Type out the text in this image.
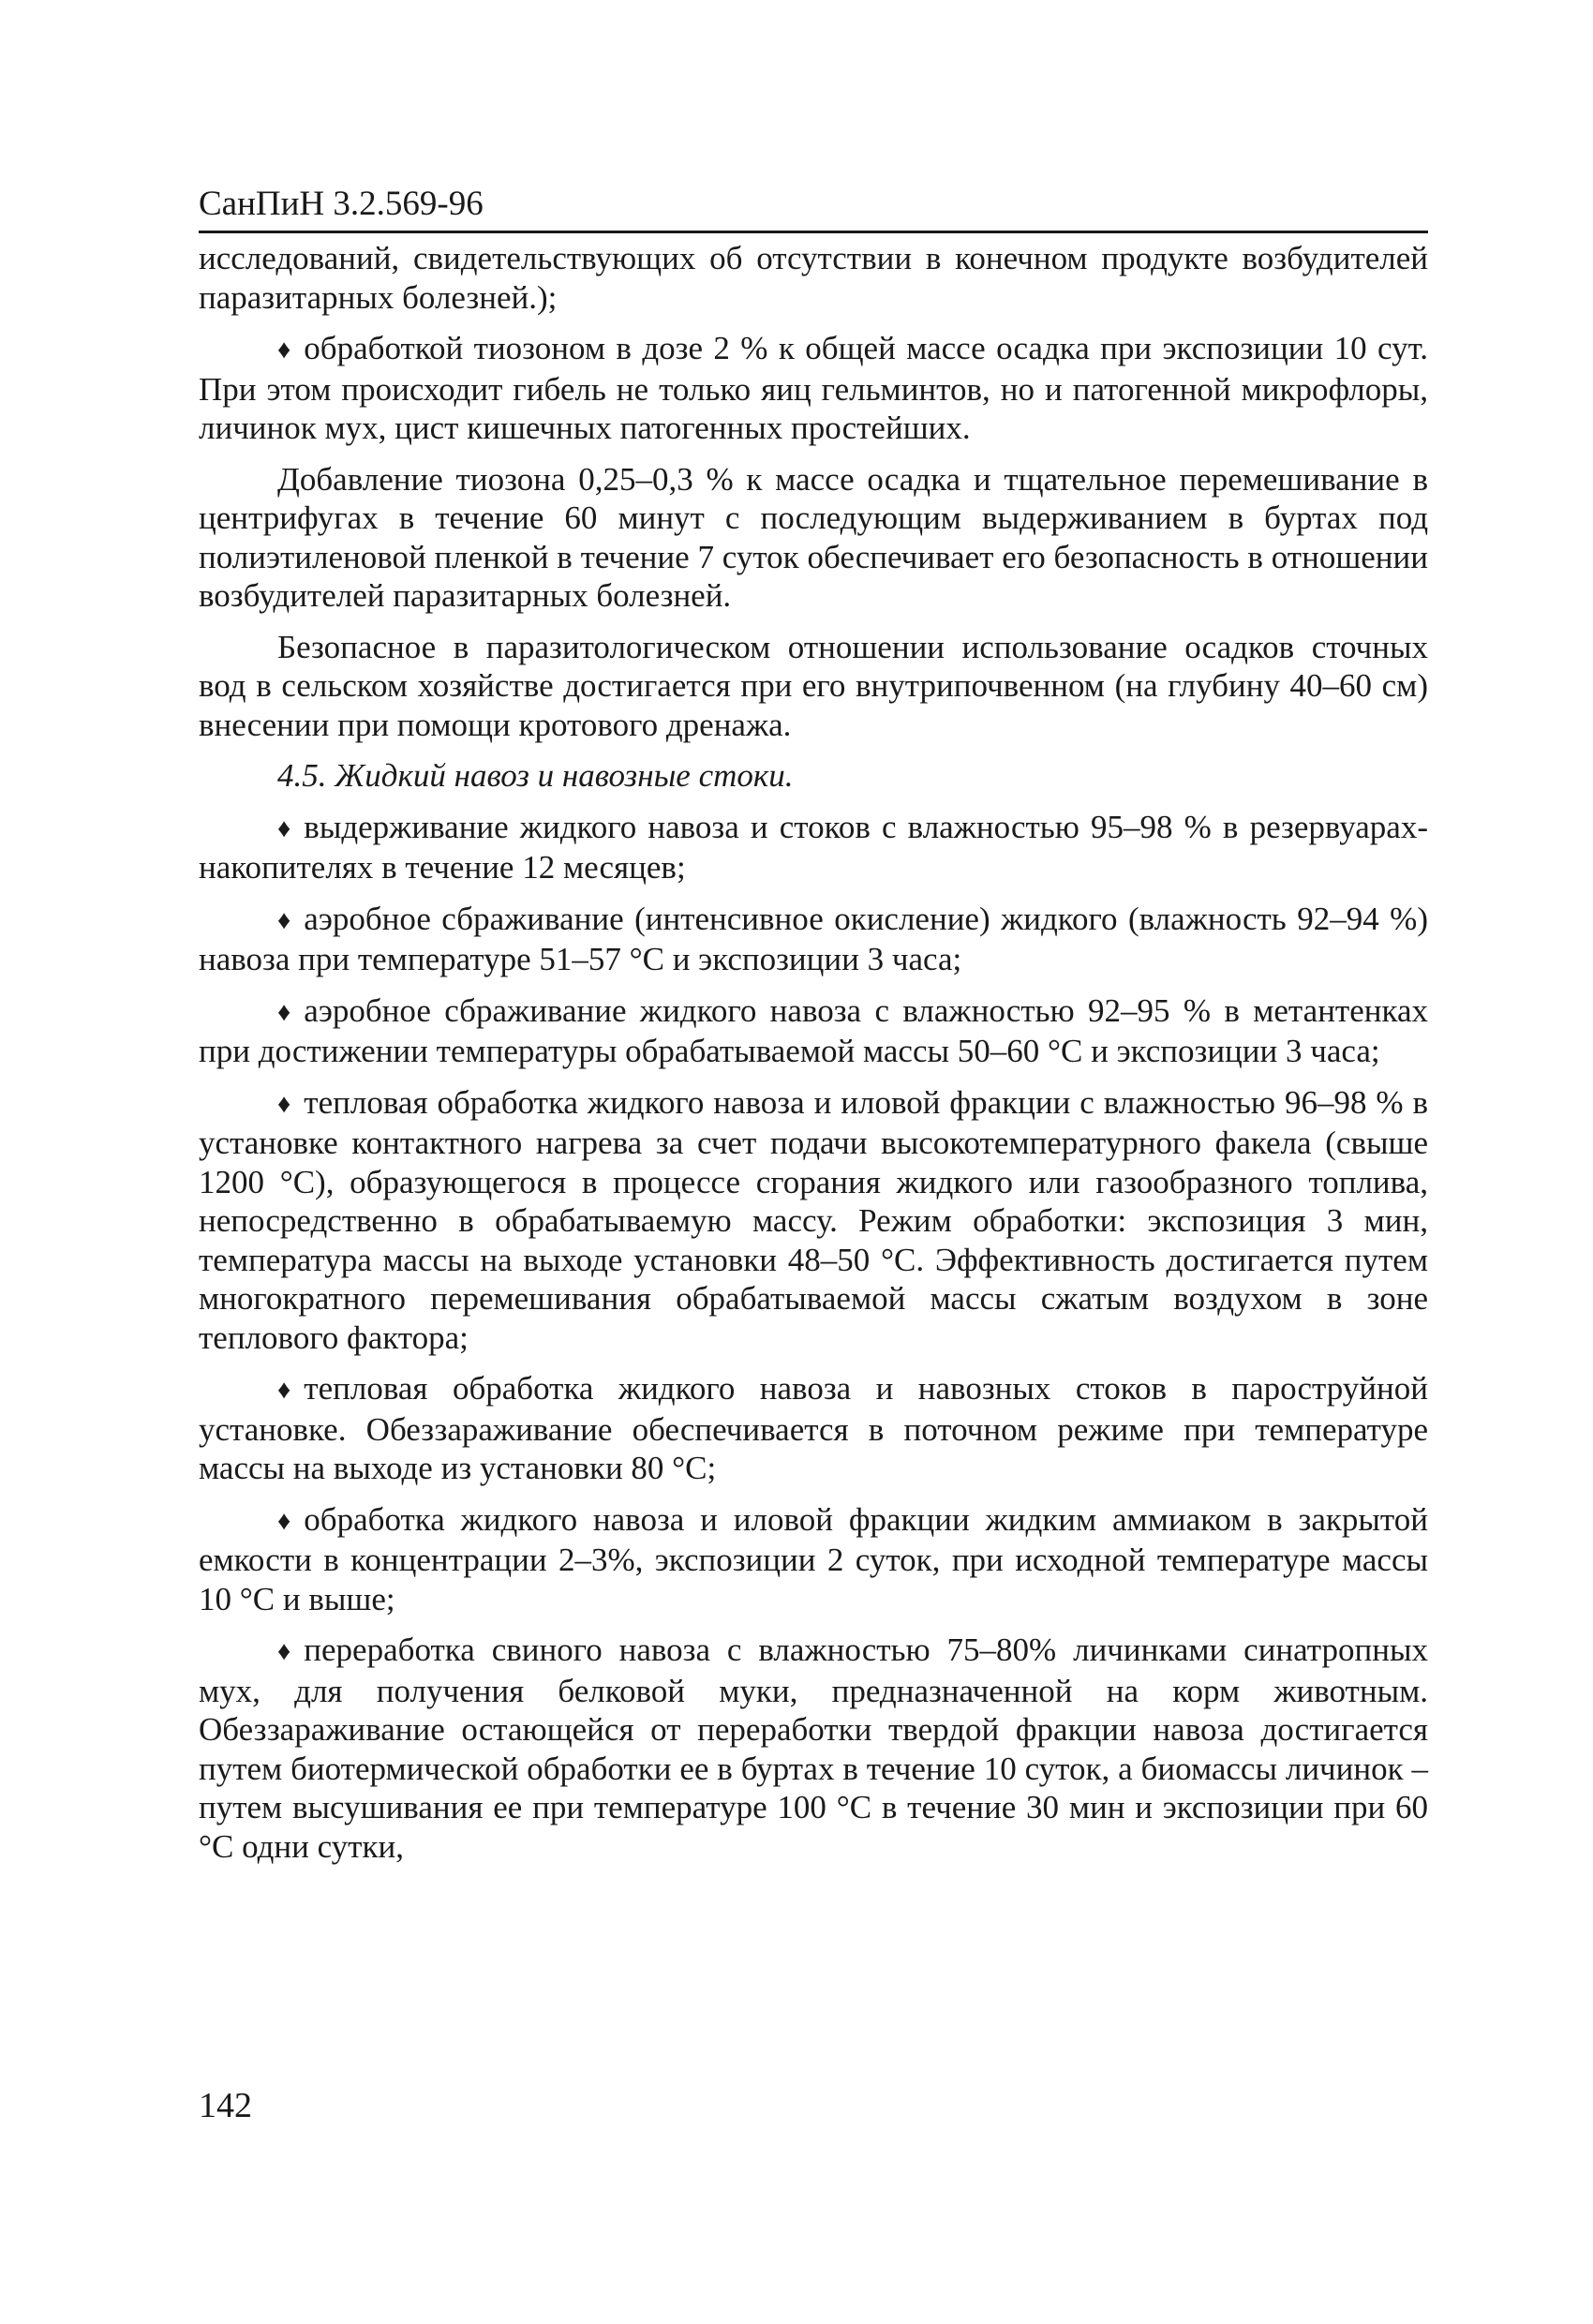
СанПиН 3.2.569-96

исследований, свидетельствующих об отсутствии в конечном продукте возбудителей паразитарных болезней.);

♦ обработкой тиозоном в дозе 2 % к общей массе осадка при экспозиции 10 сут. При этом происходит гибель не только яиц гельминтов, но и патогенной микрофлоры, личинок мух, цист кишечных патогенных простейших.

Добавление тиозона 0,25–0,3 % к массе осадка и тщательное перемешивание в центрифугах в течение 60 минут с последующим выдерживанием в буртах под полиэтиленовой пленкой в течение 7 суток обеспечивает его безопасность в отношении возбудителей паразитарных болезней.

Безопасное в паразитологическом отношении использование осадков сточных вод в сельском хозяйстве достигается при его внутрипочвенном (на глубину 40–60 см) внесении при помощи кротового дренажа.

4.5. Жидкий навоз и навозные стоки.

♦ выдерживание жидкого навоза и стоков с влажностью 95–98 % в резервуарах-накопителях в течение 12 месяцев;

♦ аэробное сбраживание (интенсивное окисление) жидкого (влажность 92–94 %) навоза при температуре 51–57 °С и экспозиции 3 часа;

♦ аэробное сбраживание жидкого навоза с влажностью 92–95 % в метантенках при достижении температуры обрабатываемой массы 50–60 °С и экспозиции 3 часа;

♦ тепловая обработка жидкого навоза и иловой фракции с влажностью 96–98 % в установке контактного нагрева за счет подачи высокотемпературного факела (свыше 1200 °С), образующегося в процессе сгорания жидкого или газообразного топлива, непосредственно в обрабатываемую массу. Режим обработки: экспозиция 3 мин, температура массы на выходе установки 48–50 °С. Эффективность достигается путем многократного перемешивания обрабатываемой массы сжатым воздухом в зоне теплового фактора;

♦ тепловая обработка жидкого навоза и навозных стоков в пароструйной установке. Обеззараживание обеспечивается в поточном режиме при температуре массы на выходе из установки 80 °С;

♦ обработка жидкого навоза и иловой фракции жидким аммиаком в закрытой емкости в концентрации 2–3%, экспозиции 2 суток, при исходной температуре массы 10 °С и выше;

♦ переработка свиного навоза с влажностью 75–80% личинками синатропных мух, для получения белковой муки, предназначенной на корм животным. Обеззараживание остающейся от переработки твердой фракции навоза достигается путем биотермической обработки ее в буртах в течение 10 суток, а биомассы личинок – путем высушивания ее при температуре 100 °С в течение 30 мин и экспозиции при 60 °С одни сутки,

142
